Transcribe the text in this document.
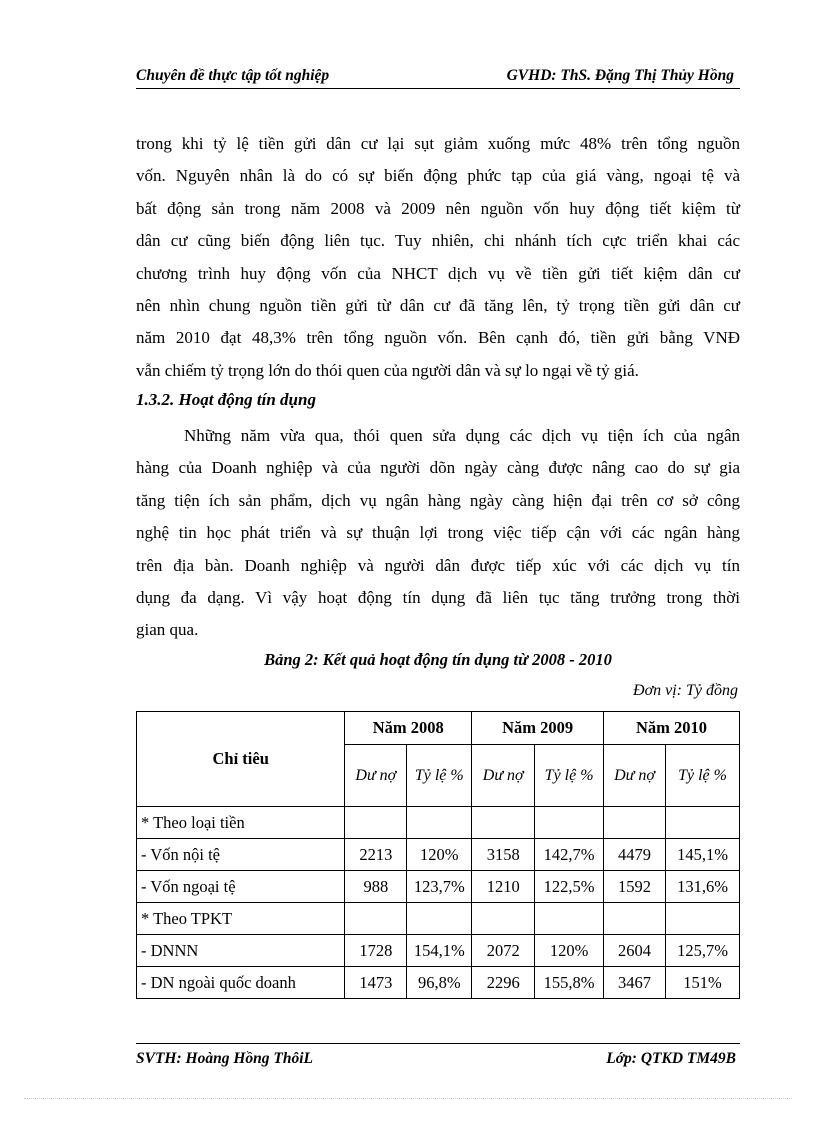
Chuyên đề thực tập tốt nghiệp	GVHD: ThS. Đặng Thị Thủy Hồng
trong khi tỷ lệ tiền gửi dân cư lại sụt giảm xuống mức 48% trên tổng nguồn
vốn. Nguyên nhân là do có sự biến động phức tạp của giá vàng, ngoại tệ và
bất động sản trong năm 2008 và 2009 nên nguồn vốn huy động tiết kiệm từ
dân cư cũng biến động liên tục. Tuy nhiên, chi nhánh tích cực triển khai các
chương trình huy động vốn của NHCT dịch vụ về tiền gửi tiết kiệm dân cư
nên nhìn chung nguồn tiền gửi từ dân cư đã tăng lên, tỷ trọng tiền gửi dân cư
năm 2010 đạt 48,3% trên tổng nguồn vốn. Bên cạnh đó, tiền gửi bằng VNĐ
vẫn chiếm tỷ trọng lớn do thói quen của người dân và sự lo ngại về tỷ giá.
1.3.2. Hoạt động tín dụng
Những năm vừa qua, thói quen sửa dụng các dịch vụ tiện ích của ngân
hàng của Doanh nghiệp và của người dõn ngày càng được nâng cao do sự gia
tăng tiện ích sản phẩm, dịch vụ ngân hàng ngày càng hiện đại trên cơ sở công
nghệ tin học phát triển và sự thuận lợi trong việc tiếp cận với các ngân hàng
trên địa bàn. Doanh nghiệp và người dân được tiếp xúc với các dịch vụ tín
dụng đa dạng. Vì vậy hoạt động tín dụng đã liên tục tăng trưởng trong thời
gian qua.
Bảng 2: Kết quả hoạt động tín dụng từ 2008 - 2010
Đơn vị: Tỷ đồng
Chỉ tiêu	Năm 2008		Năm 2009		Năm 2010	
	Dư nợ	Tỷ lệ %	Dư nợ	Tỷ lệ %	Dư nợ	Tỷ lệ %
* Theo loại tiền						
- Vốn nội tệ	2213	120%	3158	142,7%	4479	145,1%
- Vốn ngoại tệ	988	123,7%	1210	122,5%	1592	131,6%
* Theo TPKT						
- DNNN	1728	154,1%	2072	120%	2604	125,7%
- DN ngoài quốc doanh	1473	96,8%	2296	155,8%	3467	151%
SVTH: Hoàng Hồng ThôiL	Lớp: QTKD TM49B
